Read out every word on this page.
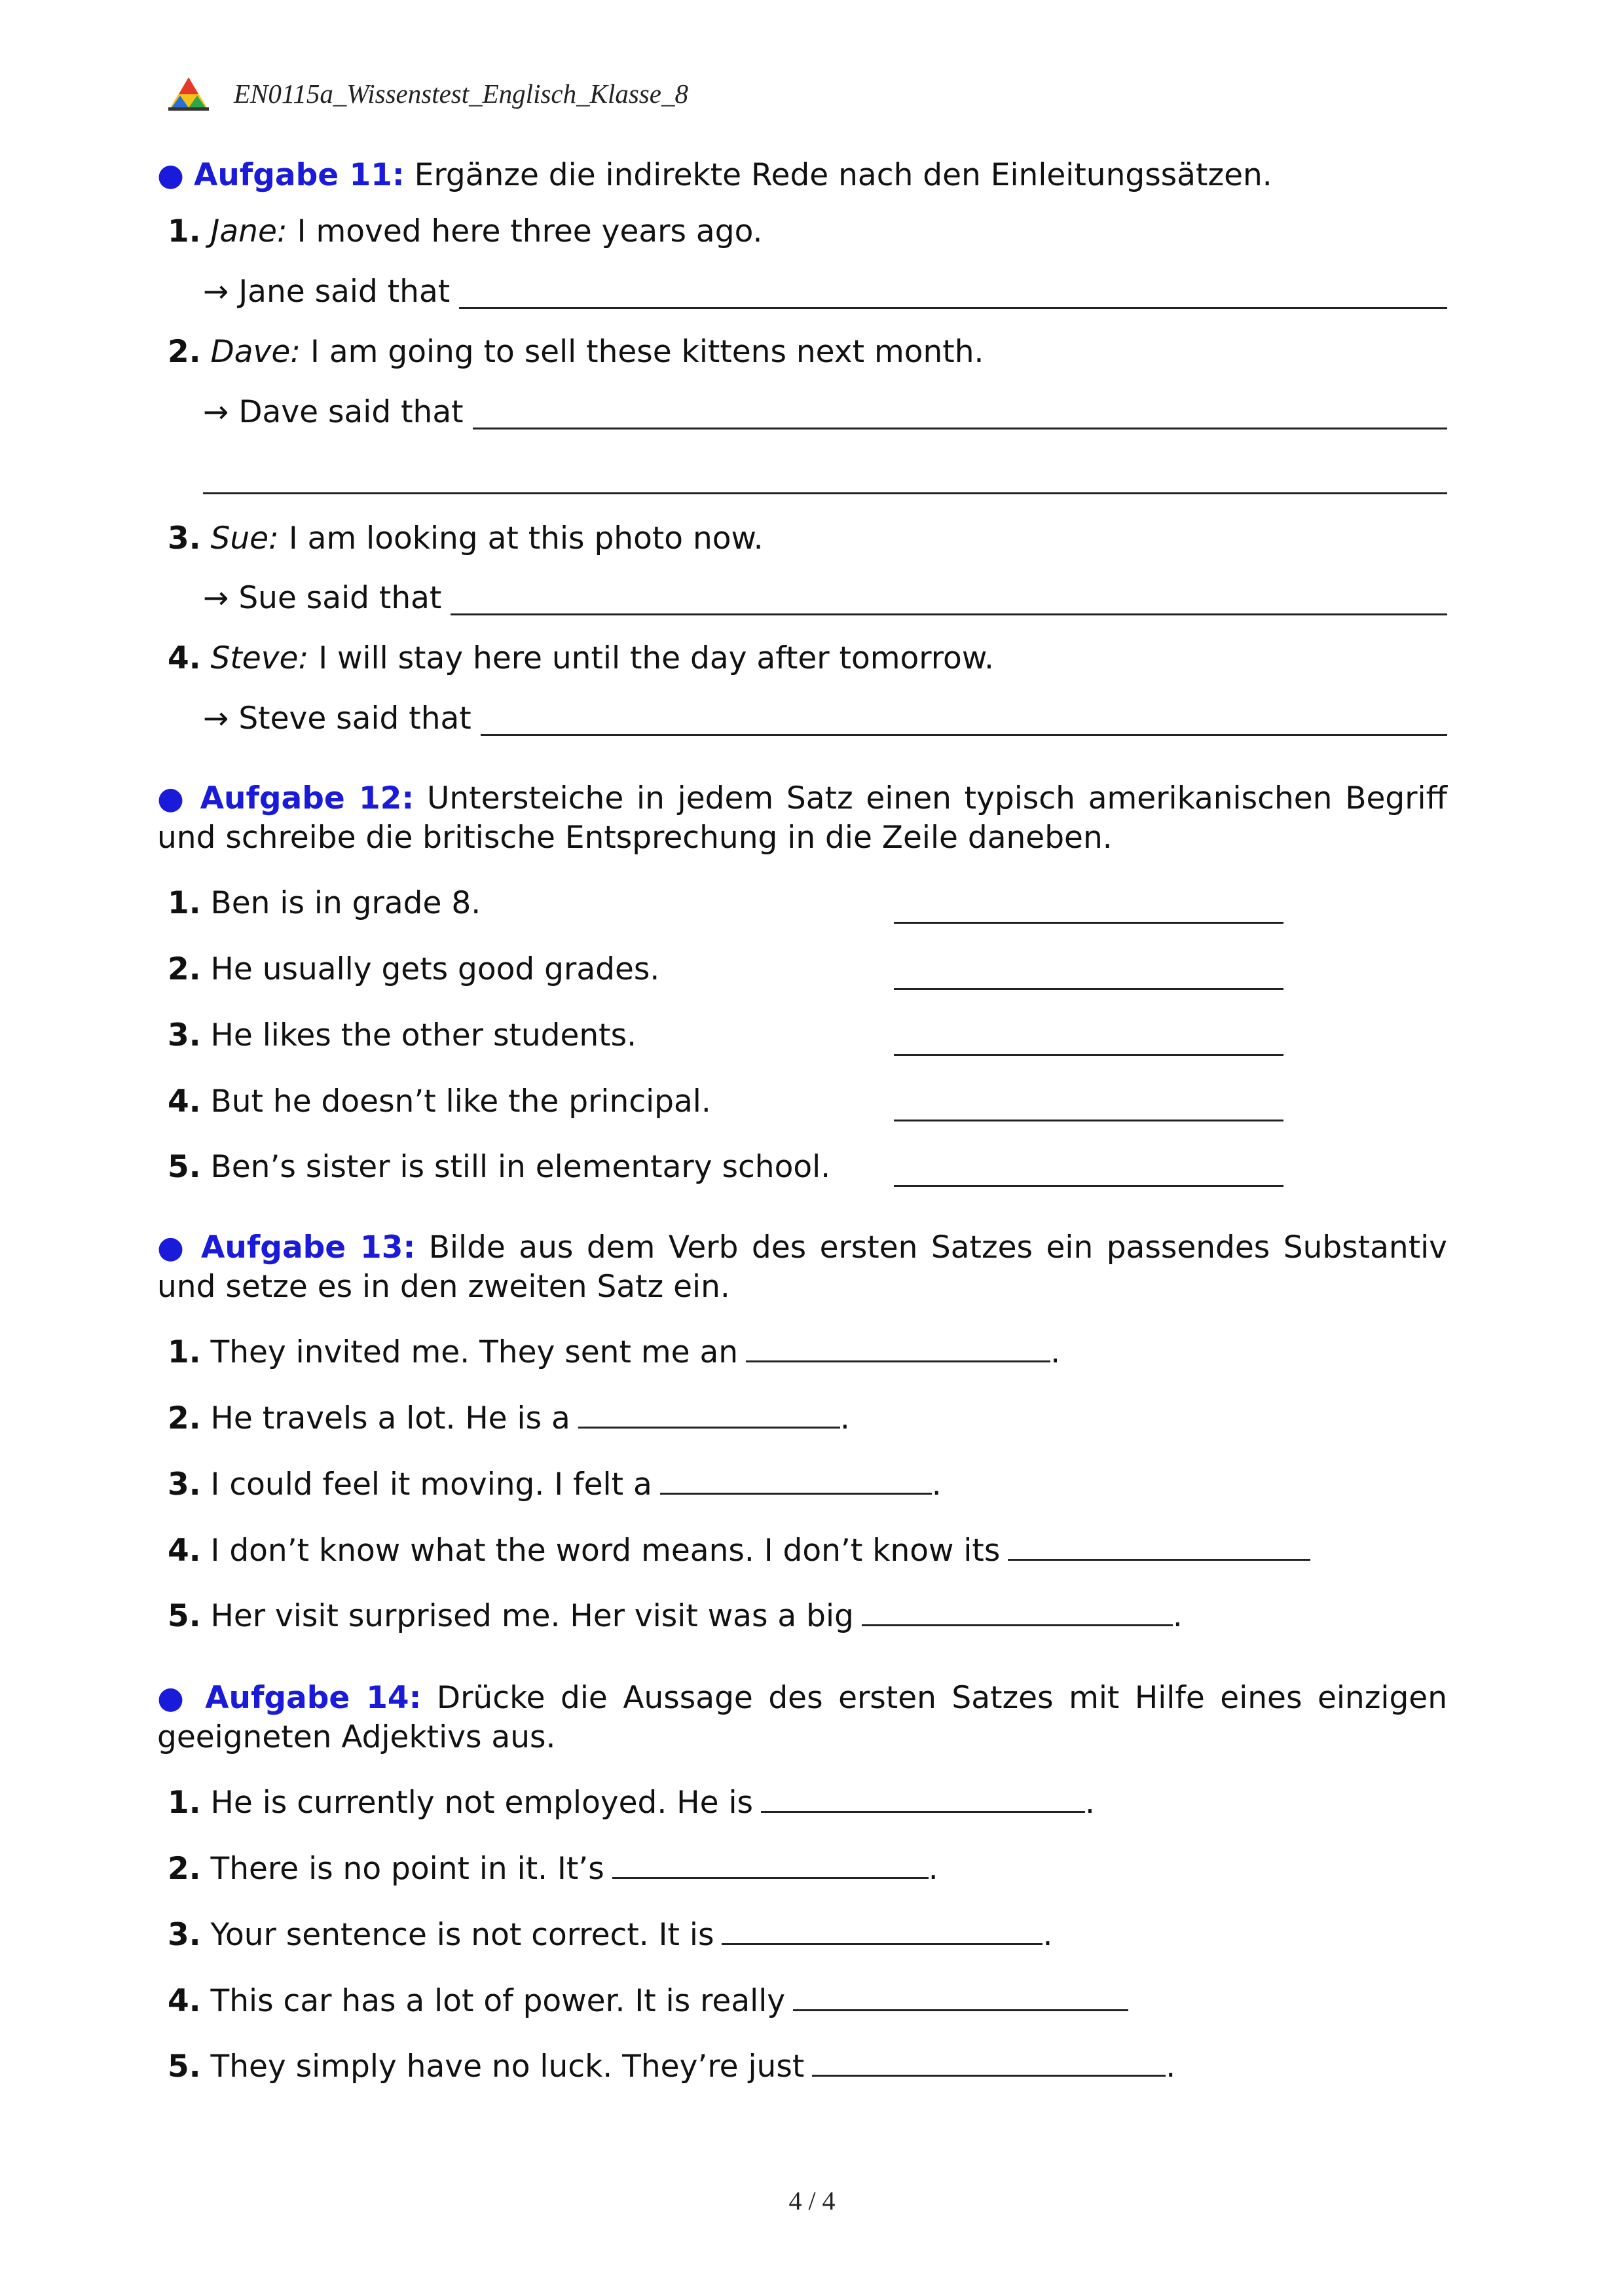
EN0115a_Wissenstest_Englisch_Klasse_8
● Aufgabe 11: Ergänze die indirekte Rede nach den Einleitungssätzen.
1. Jane: I moved here three years ago.
→ Jane said that
2. Dave: I am going to sell these kittens next month.
→ Dave said that
3. Sue: I am looking at this photo now.
→ Sue said that
4. Steve: I will stay here until the day after tomorrow.
→ Steve said that
● Aufgabe 12: Untersteiche in jedem Satz einen typisch amerikanischen Begriff und schreibe die britische Entsprechung in die Zeile daneben.
1. Ben is in grade 8.
2. He usually gets good grades.
3. He likes the other students.
4. But he doesn’t like the principal.
5. Ben’s sister is still in elementary school.
● Aufgabe 13: Bilde aus dem Verb des ersten Satzes ein passendes Substantiv und setze es in den zweiten Satz ein.
1. They invited me. They sent me an	.
2. He travels a lot. He is a	.
3. I could feel it moving. I felt a	.
4. I don’t know what the word means. I don’t know its
5. Her visit surprised me. Her visit was a big	.
● Aufgabe 14: Drücke die Aussage des ersten Satzes mit Hilfe eines einzigen geeigneten Adjektivs aus.
1. He is currently not employed. He is	.
2. There is no point in it. It’s	.
3. Your sentence is not correct. It is	.
4. This car has a lot of power. It is really
5. They simply have no luck. They’re just	.
4 / 4
